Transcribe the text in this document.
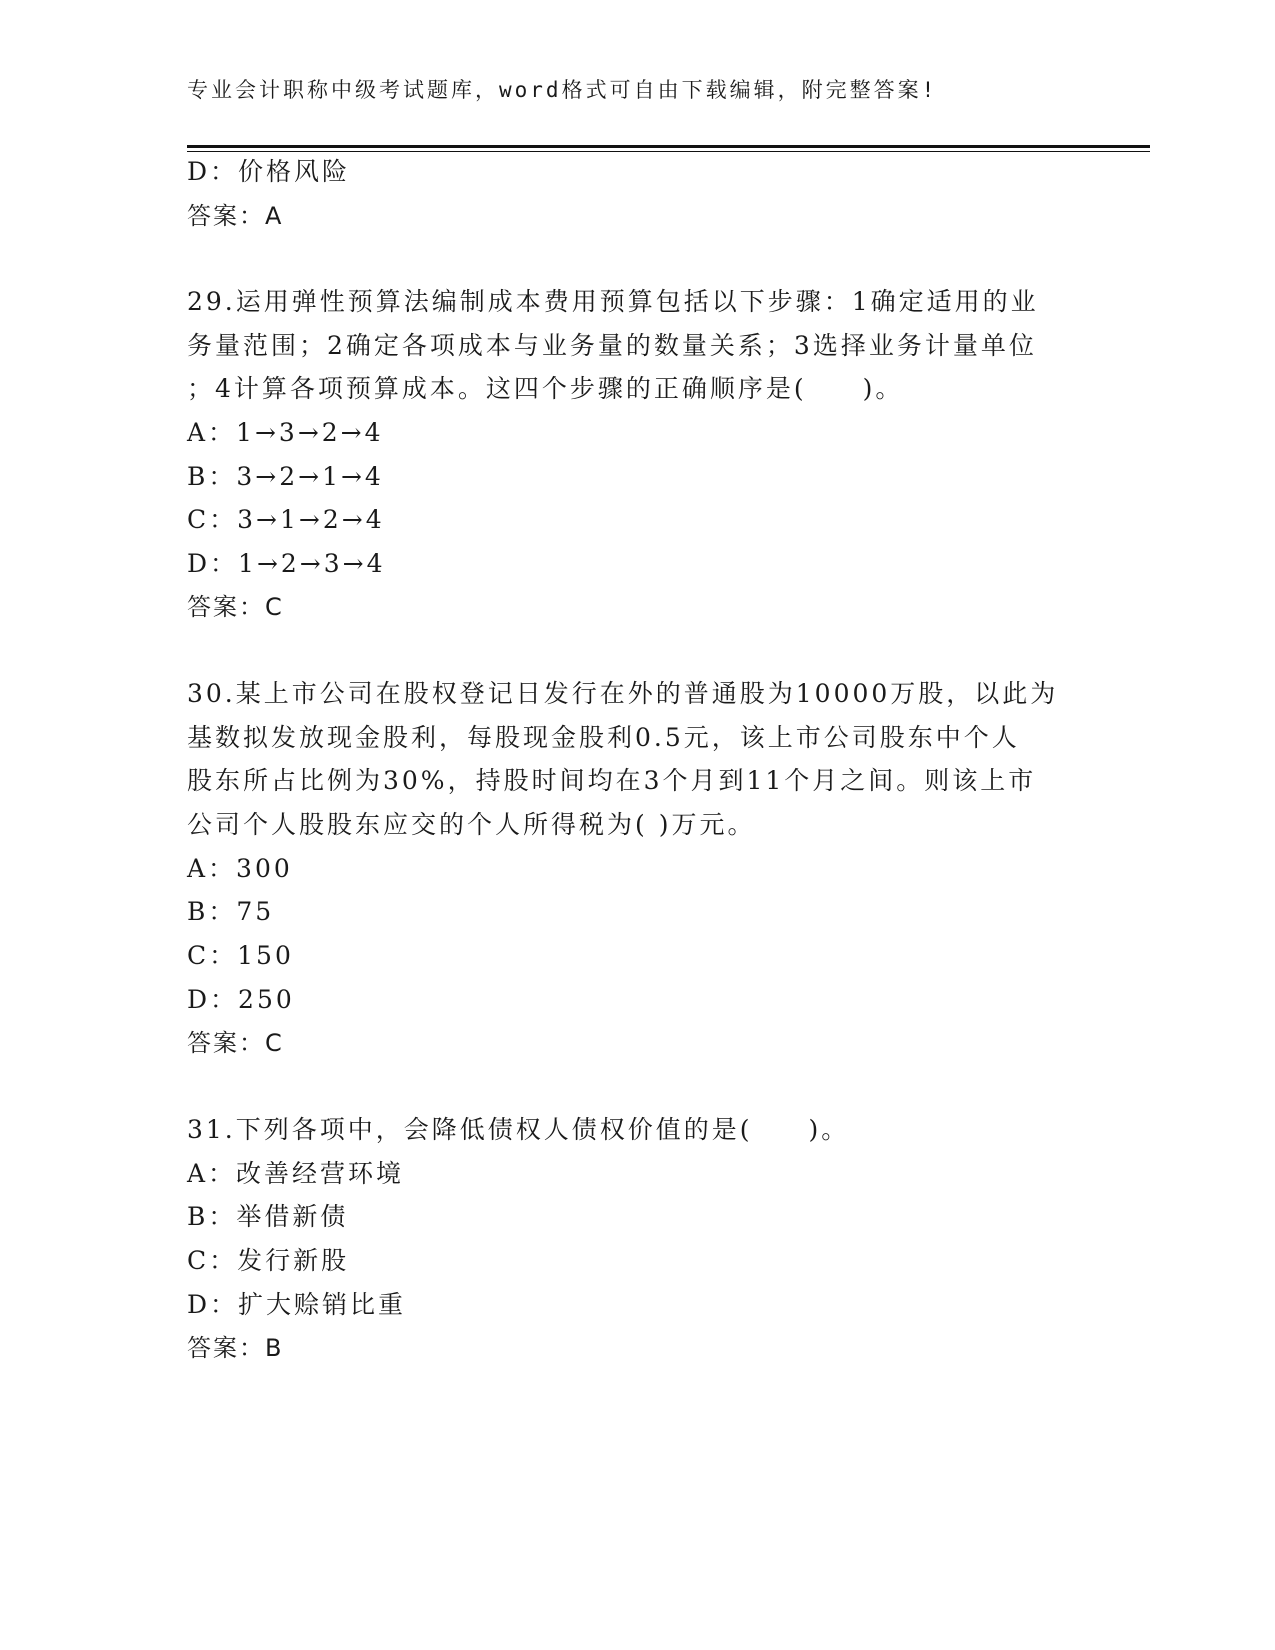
专业会计职称中级考试题库，word格式可自由下载编辑，附完整答案!
D：价格风险
答案：A
29.运用弹性预算法编制成本费用预算包括以下步骤：1确定适用的业
务量范围；2确定各项成本与业务量的数量关系；3选择业务计量单位
；4计算各项预算成本。这四个步骤的正确顺序是(　　)。
A：1→3→2→4
B：3→2→1→4
C：3→1→2→4
D：1→2→3→4
答案：C
30.某上市公司在股权登记日发行在外的普通股为10000万股，以此为
基数拟发放现金股利，每股现金股利0.5元，该上市公司股东中个人
股东所占比例为30%，持股时间均在3个月到11个月之间。则该上市
公司个人股股东应交的个人所得税为( )万元。
A：300
B：75
C：150
D：250
答案：C
31.下列各项中，会降低债权人债权价值的是(　　)。
A：改善经营环境
B：举借新债
C：发行新股
D：扩大赊销比重
答案：B
